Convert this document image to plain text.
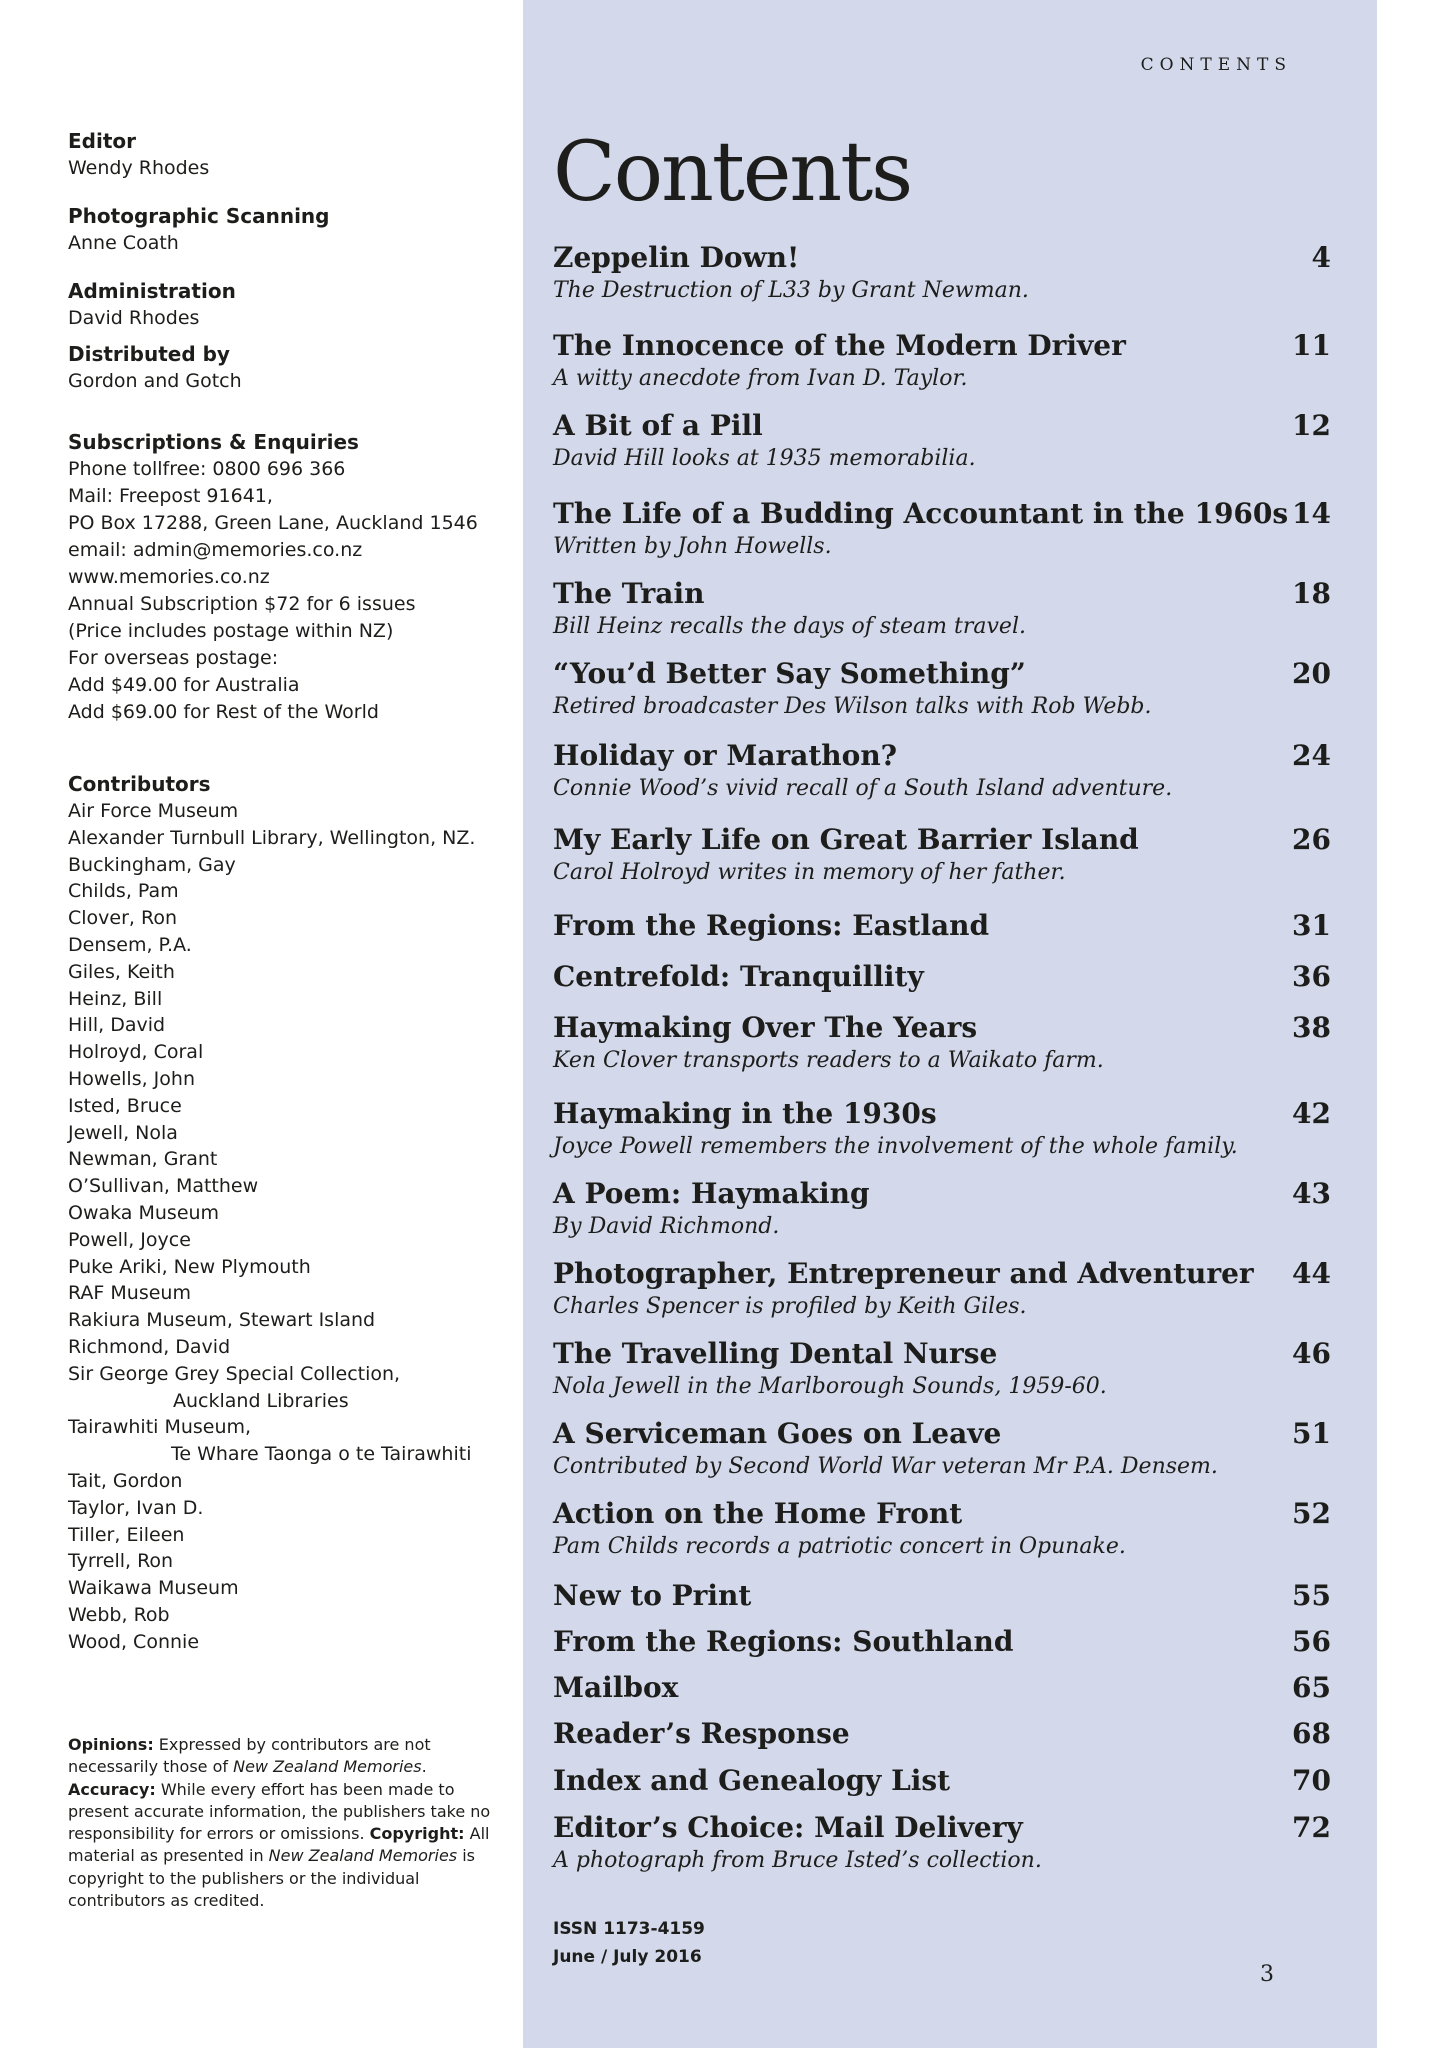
Editor
Wendy Rhodes
Photographic Scanning
Anne Coath
Administration
David Rhodes
Distributed by
Gordon and Gotch
Subscriptions & Enquiries
Phone tollfree: 0800 696 366
Mail: Freepost 91641,
PO Box 17288, Green Lane, Auckland 1546
email: admin@memories.co.nz
www.memories.co.nz
Annual Subscription $72 for 6 issues
(Price includes postage within NZ)
For overseas postage:
Add $49.00 for Australia
Add $69.00 for Rest of the World
Contributors
Air Force Museum
Alexander Turnbull Library, Wellington, NZ.
Buckingham, Gay
Childs, Pam
Clover, Ron
Densem, P.A.
Giles, Keith
Heinz, Bill
Hill, David
Holroyd, Coral
Howells, John
Isted, Bruce
Jewell, Nola
Newman, Grant
O’Sullivan, Matthew
Owaka Museum
Powell, Joyce
Puke Ariki, New Plymouth
RAF Museum
Rakiura Museum, Stewart Island
Richmond, David
Sir George Grey Special Collection,
Auckland Libraries
Tairawhiti Museum,
Te Whare Taonga o te Tairawhiti
Tait, Gordon
Taylor, Ivan D.
Tiller, Eileen
Tyrrell, Ron
Waikawa Museum
Webb, Rob
Wood, Connie
Opinions: Expressed by contributors are not necessarily those of New Zealand Memories. Accuracy: While every effort has been made to present accurate information, the publishers take no responsibility for errors or omissions. Copyright: All material as presented in New Zealand Memories is copyright to the publishers or the individual contributors as credited.
CONTENTS
Contents
Zeppelin Down!	4
The Destruction of L33 by Grant Newman.
The Innocence of the Modern Driver	11
A witty anecdote from Ivan D. Taylor.
A Bit of a Pill	12
David Hill looks at 1935 memorabilia.
The Life of a Budding Accountant in the 1960s 14
Written by John Howells.
The Train	18
Bill Heinz recalls the days of steam travel.
“You’d Better Say Something”	20
Retired broadcaster Des Wilson talks with Rob Webb.
Holiday or Marathon?	24
Connie Wood’s vivid recall of a South Island adventure.
My Early Life on Great Barrier Island	26
Carol Holroyd writes in memory of her father.
From the Regions: Eastland	31
Centrefold: Tranquillity	36
Haymaking Over The Years	38
Ken Clover transports readers to a Waikato farm.
Haymaking in the 1930s	42
Joyce Powell remembers the involvement of the whole family.
A Poem: Haymaking	43
By David Richmond.
Photographer, Entrepreneur and Adventurer	44
Charles Spencer is profiled by Keith Giles.
The Travelling Dental Nurse	46
Nola Jewell in the Marlborough Sounds, 1959-60.
A Serviceman Goes on Leave	51
Contributed by Second World War veteran Mr P.A. Densem.
Action on the Home Front	52
Pam Childs records a patriotic concert in Opunake.
New to Print	55
From the Regions: Southland	56
Mailbox	65
Reader’s Response	68
Index and Genealogy List	70
Editor’s Choice: Mail Delivery	72
A photograph from Bruce Isted’s collection.
ISSN 1173-4159
June / July 2016
3
